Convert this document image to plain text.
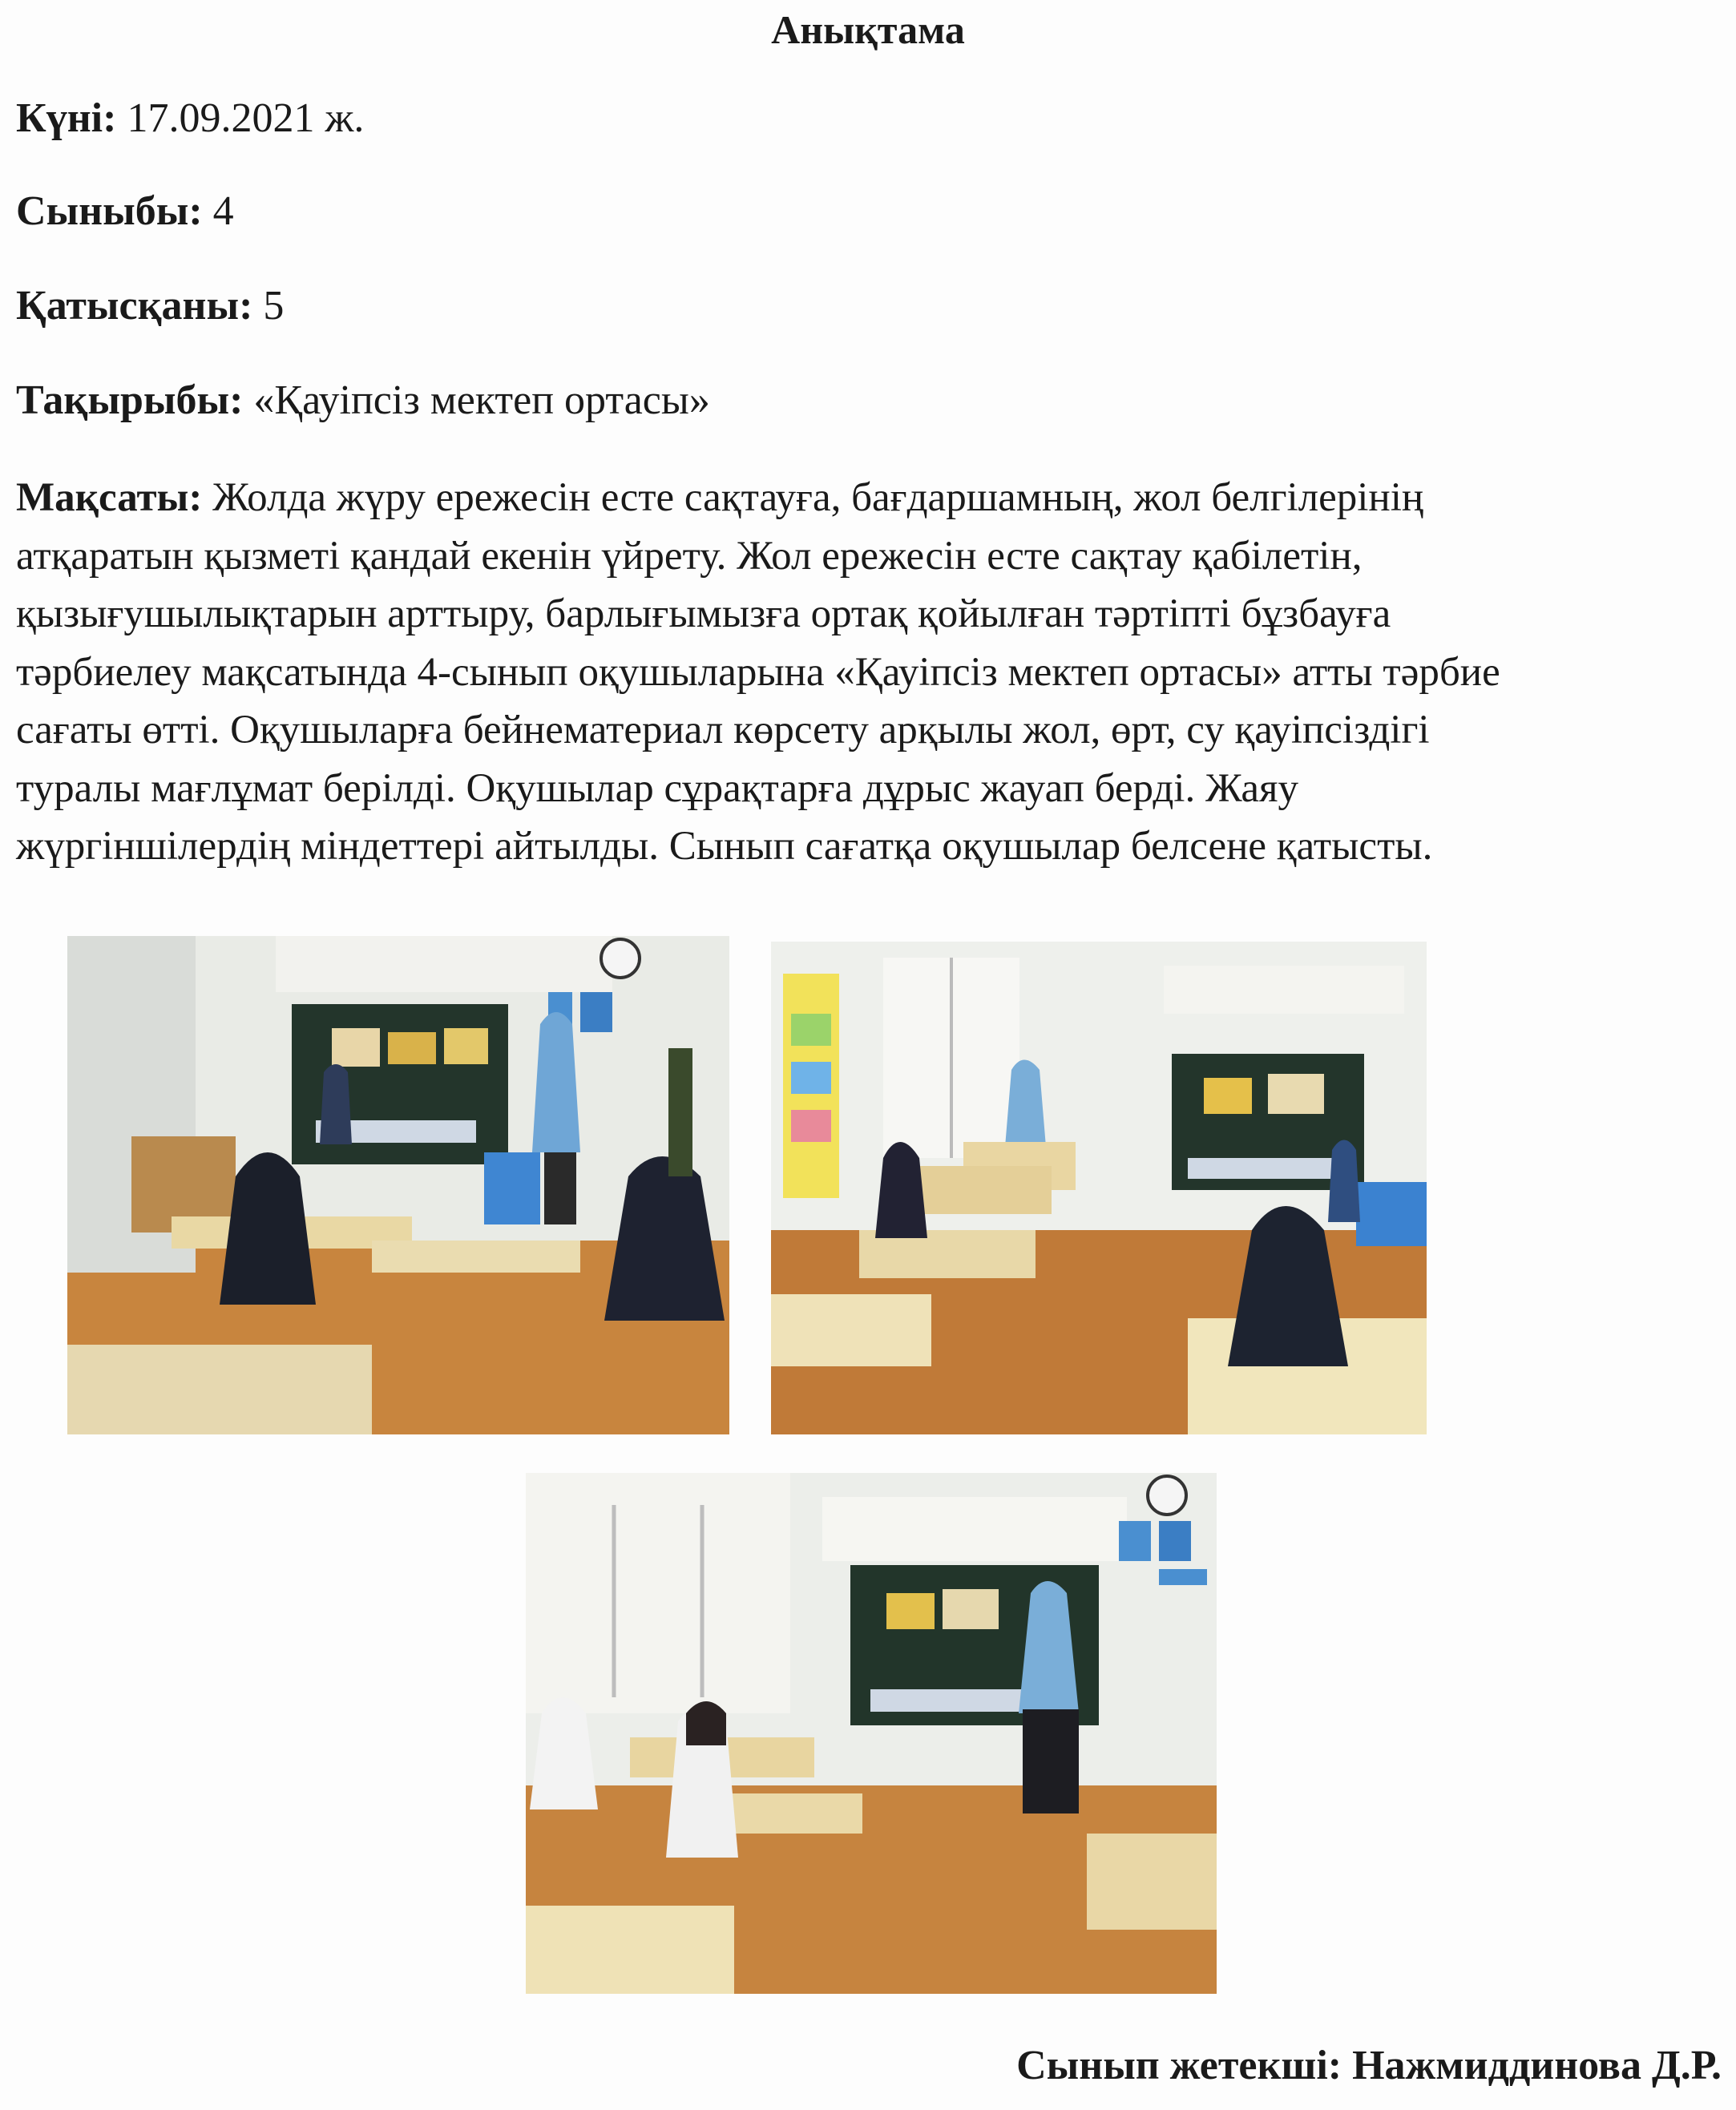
Анықтама
Күні: 17.09.2021 ж.
Сыныбы: 4
Қатысқаны: 5
Тақырыбы: «Қауіпсіз мектеп ортасы»
Мақсаты: Жолда жүру ережесін есте сақтауға, бағдаршамның, жол белгілерінің
атқаратын қызметі қандай екенін үйрету. Жол ережесін есте сақтау қабілетін,
қызығушылықтарын арттыру, барлығымызға ортақ қойылған тәртіпті бұзбауға
тәрбиелеу мақсатында 4-сынып оқушыларына «Қауіпсіз мектеп ортасы» атты тәрбие
сағаты өтті. Оқушыларға бейнематериал көрсету арқылы жол, өрт, су қауіпсіздігі
туралы мағлұмат берілді. Оқушылар сұрақтарға дұрыс жауап берді. Жаяу
жүргіншілердің міндеттері айтылды. Сынып сағатқа оқушылар белсене қатысты.
Сынып жетекші: Нажмиддинова Д.Р.
